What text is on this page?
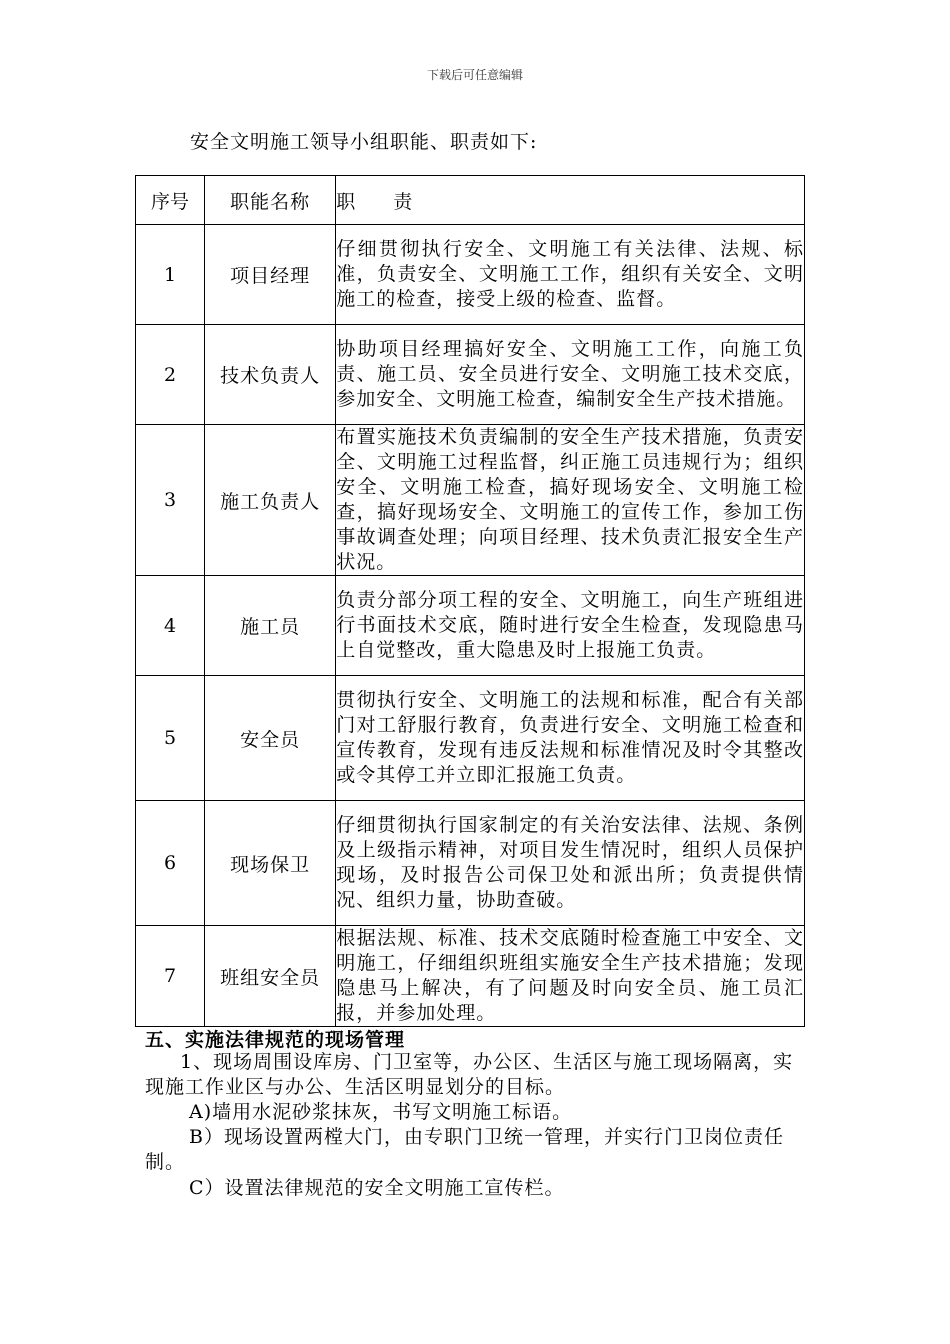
下载后可任意编辑
安全文明施工领导小组职能、职责如下:
序号	职能名称	职　　责
1	项目经理	仔细贯彻执行安全、文明施工有关法律、法规、标准，负责安全、文明施工工作，组织有关安全、文明施工的检查，接受上级的检查、监督。
2	技术负责人	协助项目经理搞好安全、文明施工工作，向施工负责、施工员、安全员进行安全、文明施工技术交底，参加安全、文明施工检查，编制安全生产技术措施。
3	施工负责人	布置实施技术负责编制的安全生产技术措施，负责安全、文明施工过程监督，纠正施工员违规行为；组织安全、文明施工检查，搞好现场安全、文明施工检查，搞好现场安全、文明施工的宣传工作，参加工伤事故调查处理；向项目经理、技术负责汇报安全生产状况。
4	施工员	负责分部分项工程的安全、文明施工，向生产班组进行书面技术交底，随时进行安全生检查，发现隐患马上自觉整改，重大隐患及时上报施工负责。
5	安全员	贯彻执行安全、文明施工的法规和标准，配合有关部门对工舒服行教育，负责进行安全、文明施工检查和宣传教育，发现有违反法规和标准情况及时令其整改或令其停工并立即汇报施工负责。
6	现场保卫	仔细贯彻执行国家制定的有关治安法律、法规、条例及上级指示精神，对项目发生情况时，组织人员保护现场，及时报告公司保卫处和派出所；负责提供情况、组织力量，协助查破。
7	班组安全员	根据法规、标准、技术交底随时检查施工中安全、文明施工，仔细组织班组实施安全生产技术措施；发现隐患马上解决，有了问题及时向安全员、施工员汇报，并参加处理。
五、实施法律规范的现场管理
1、现场周围设库房、门卫室等，办公区、生活区与施工现场隔离，实现施工作业区与办公、生活区明显划分的目标。
A)墙用水泥砂浆抹灰，书写文明施工标语。
B）现场设置两樘大门，由专职门卫统一管理，并实行门卫岗位责任制。
C）设置法律规范的安全文明施工宣传栏。
